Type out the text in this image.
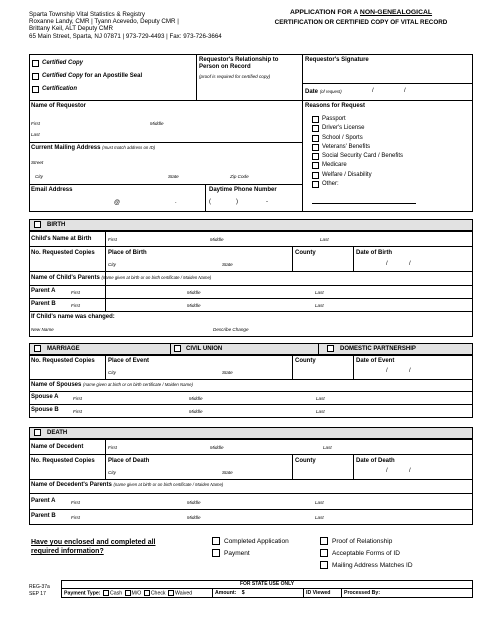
Sparta Township Vital Statistics & Registry
Roxanne Landy, CMR | Tyann Acevedo, Deputy CMR |
Brittany Keil, ALT Deputy CMR
65 Main Street, Sparta, NJ 07871 | 973-729-4493 | Fax: 973-726-3664
APPLICATION FOR A NON-GENEALOGICAL
CERTIFICATION OR CERTIFIED COPY OF VITAL RECORD
Certified Copy
Certified Copy for an Apostille Seal
Certification
Requestor's Relationship to Person on Record
(proof is required for certified copy)
Requestor's Signature
Date (of request)	/	/
Name of Requestor
First	Middle
Last
Current Mailing Address (must match address on ID)
Street
City	State	Zip Code
Email Address
@	.
Daytime Phone Number
(	)	-
Reasons for Request
Passport
Driver's License
School / Sports
Veterans' Benefits
Social Security Card / Benefits
Medicare
Welfare / Disability
Other:
BIRTH
Child's Name at Birth	First	Middle	Last
No. Requested Copies Place of Birth
City	State
County	Date of Birth
/	/
Name of Child's Parents (name given at birth or on birth certificate / Maiden Name)
Parent A	First	Middle	Last
Parent B	First	Middle	Last
If Child's name was changed:
New Name	Describe Change
MARRIAGE	CIVIL UNION	DOMESTIC PARTNERSHIP
No. Requested Copies Place of Event
City	State
County	Date of Event
/	/
Name of Spouses (name given at birth or on birth certificate / Maiden Name)
Spouse A	First	Middle	Last
Spouse B	First	Middle	Last
DEATH
Name of Decedent	First	Middle	Last
No. Requested Copies Place of Death
City	State
County	Date of Death
/	/
Name of Decedent's Parents (name given at birth or on birth certificate / Maiden Name)
Parent A	First	Middle	Last
Parent B	First	Middle	Last
Have you enclosed and completed all
required information?
Completed Application
Payment
Proof of Relationship
Acceptable Forms of ID
Mailing Address Matches ID
REG-37a
SEP 17
FOR STATE USE ONLY
Payment Type: Cash M/O Check Waived	Amount: $	ID Viewed	Processed By:
